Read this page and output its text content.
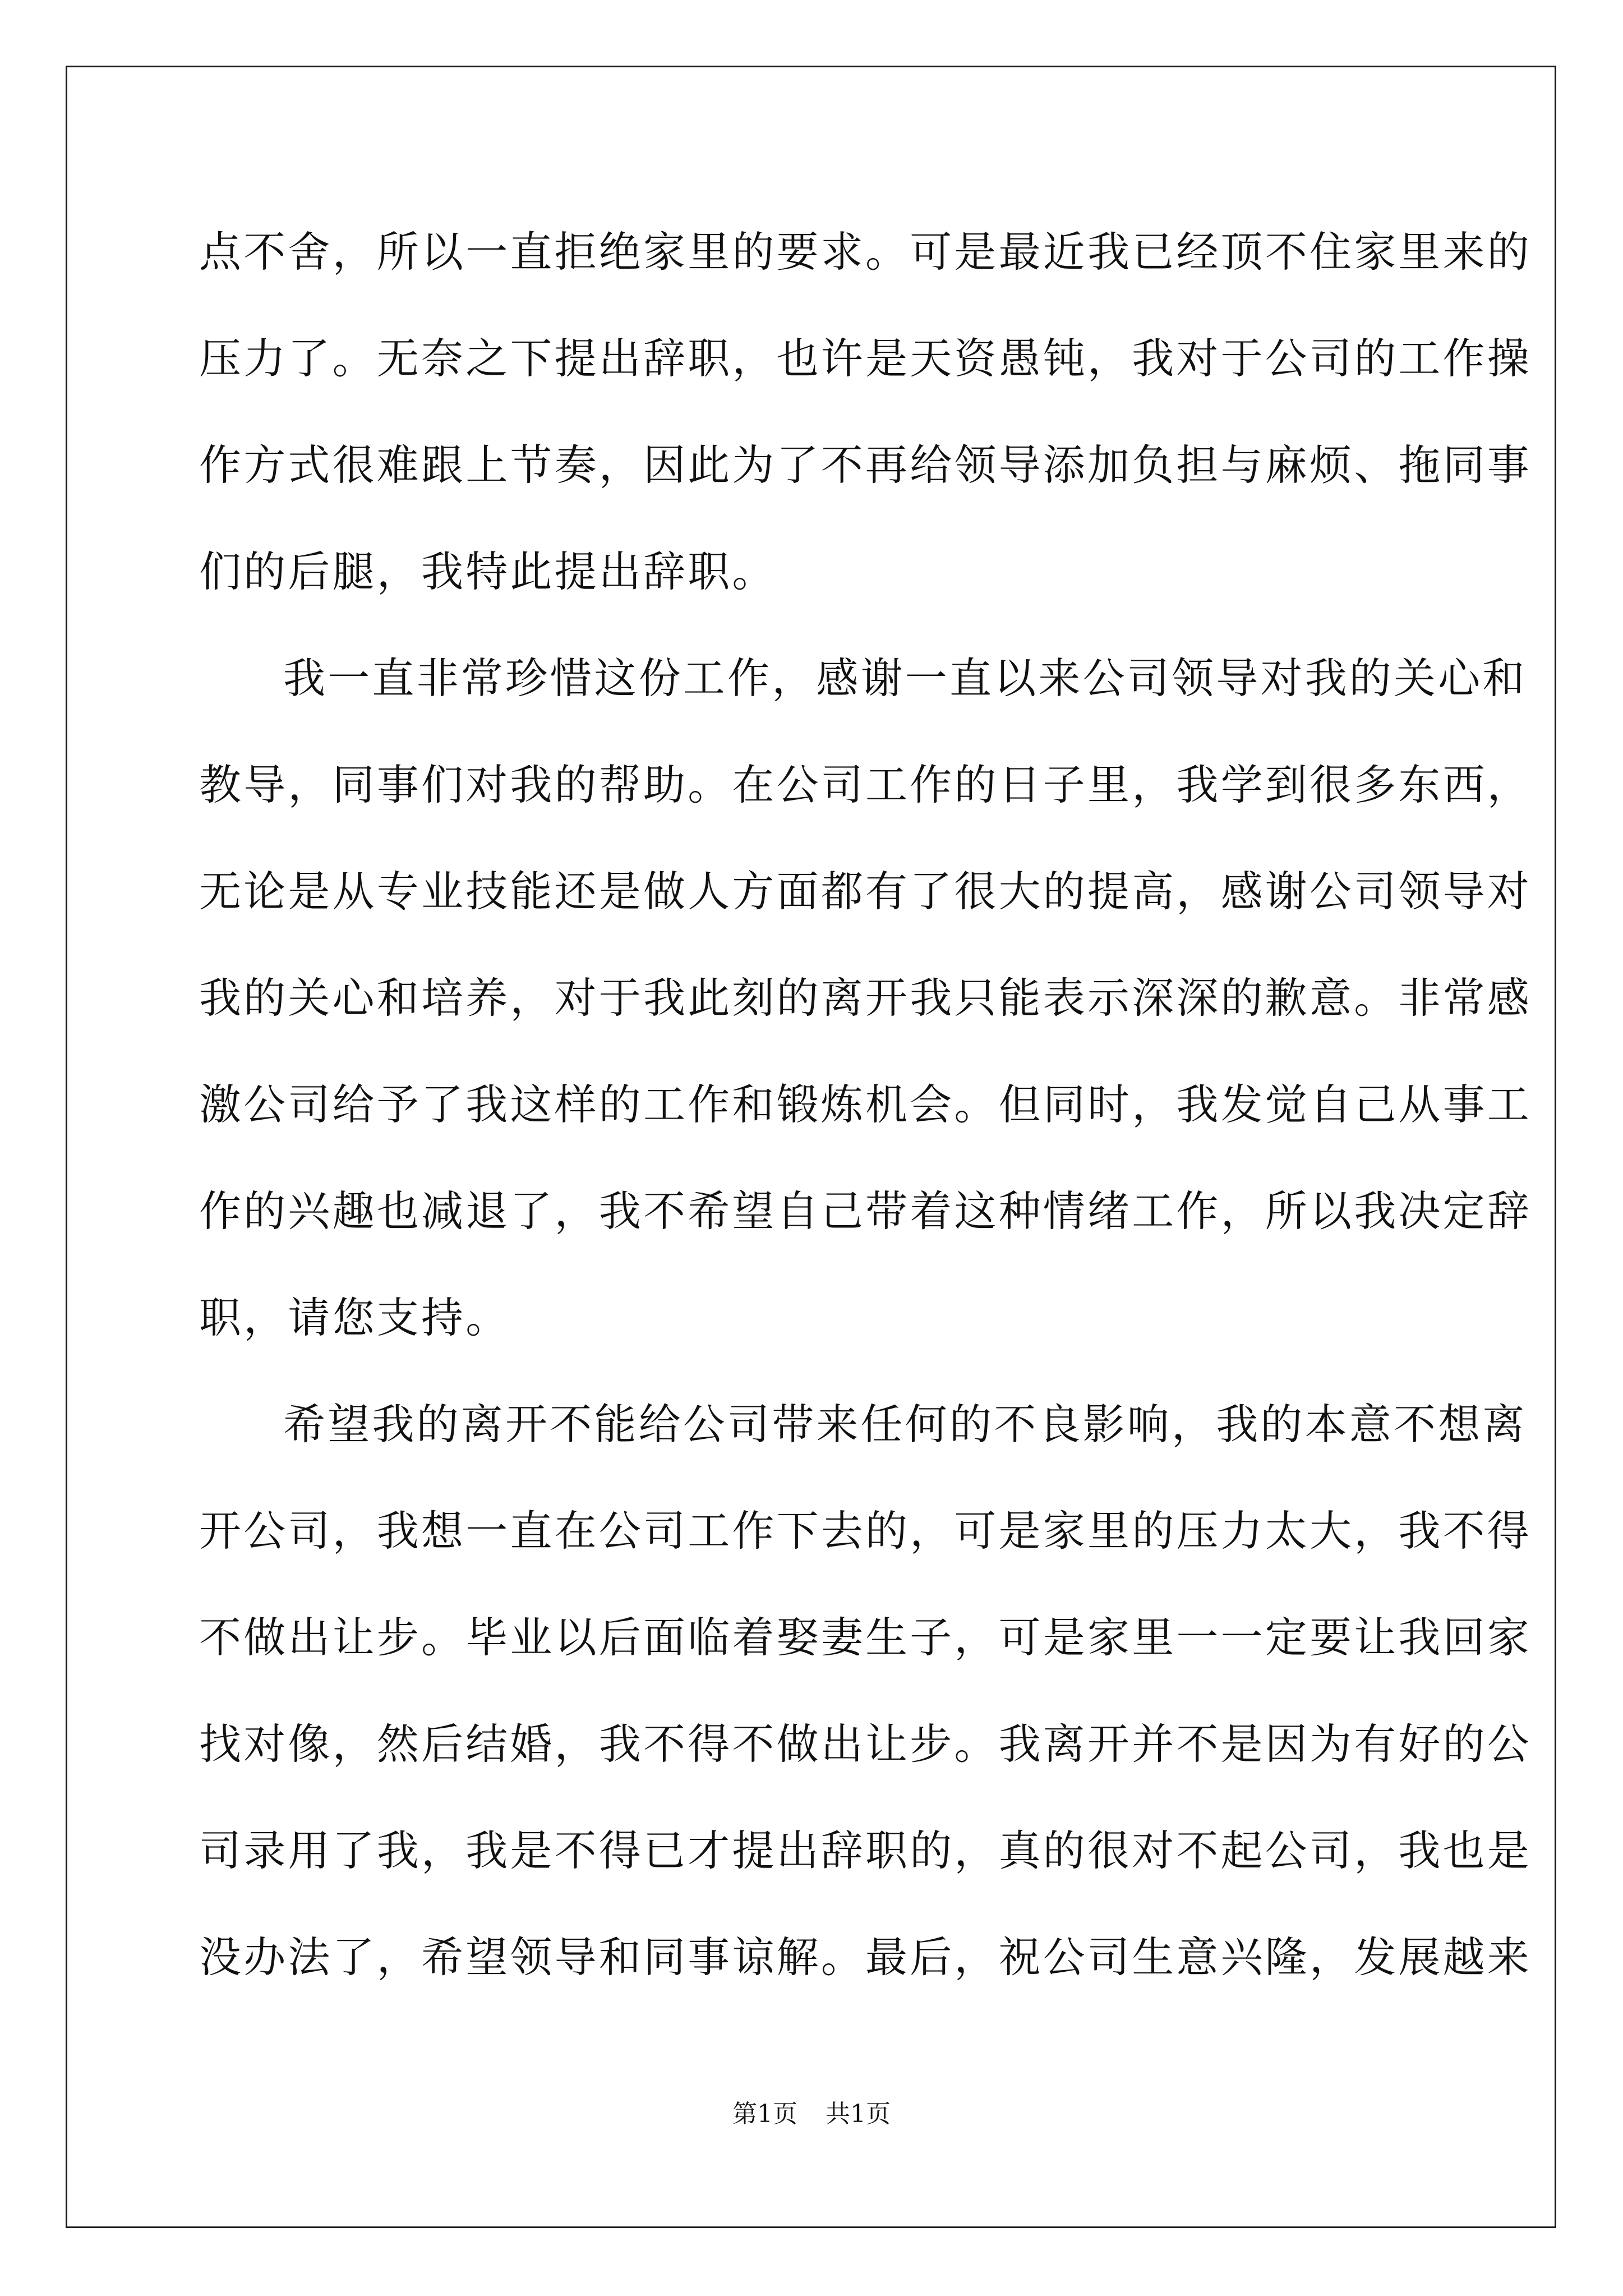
点不舍，所以一直拒绝家里的要求。可是最近我已经顶不住家里来的
压力了。无奈之下提出辞职，也许是天资愚钝，我对于公司的工作操
作方式很难跟上节奏，因此为了不再给领导添加负担与麻烦、拖同事
们的后腿，我特此提出辞职。
我一直非常珍惜这份工作，感谢一直以来公司领导对我的关心和
教导，同事们对我的帮助。在公司工作的日子里，我学到很多东西，
无论是从专业技能还是做人方面都有了很大的提高，感谢公司领导对
我的关心和培养，对于我此刻的离开我只能表示深深的歉意。非常感
激公司给予了我这样的工作和锻炼机会。但同时，我发觉自己从事工
作的兴趣也减退了，我不希望自己带着这种情绪工作，所以我决定辞
职，请您支持。
希望我的离开不能给公司带来任何的不良影响，我的本意不想离
开公司，我想一直在公司工作下去的，可是家里的压力太大，我不得
不做出让步。毕业以后面临着娶妻生子，可是家里一一定要让我回家
找对像，然后结婚，我不得不做出让步。我离开并不是因为有好的公
司录用了我，我是不得已才提出辞职的，真的很对不起公司，我也是
没办法了，希望领导和同事谅解。最后，祝公司生意兴隆，发展越来
第1页 共1页
